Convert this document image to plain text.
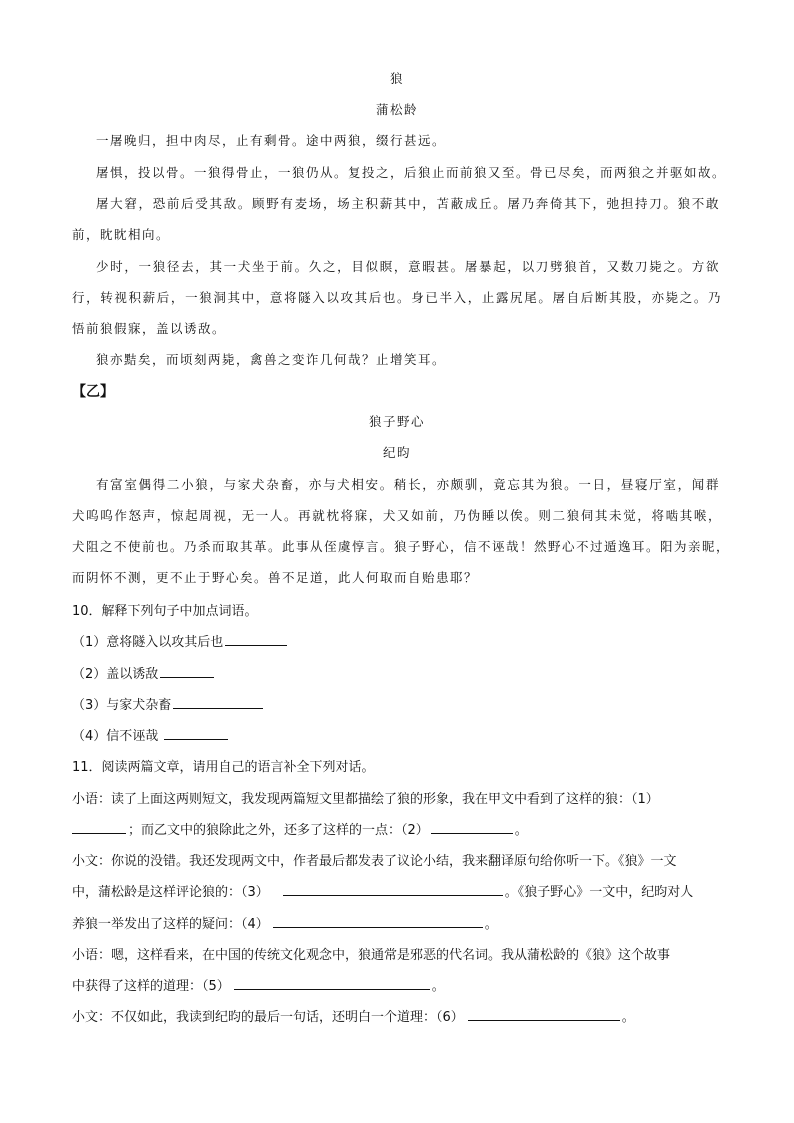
狼
蒲松龄
一屠晚归，担中肉尽，止有剩骨。途中两狼，缀行甚远。
屠惧，投以骨。一狼得骨止，一狼仍从。复投之，后狼止而前狼又至。骨已尽矣，而两狼之并驱如故。
屠大窘，恐前后受其敌。顾野有麦场，场主积薪其中，苫蔽成丘。屠乃奔倚其下，弛担持刀。狼不敢
前，眈眈相向。
少时，一狼径去，其一犬坐于前。久之，目似瞑，意暇甚。屠暴起，以刀劈狼首，又数刀毙之。方欲
行，转视积薪后，一狼洞其中，意将隧入以攻其后也。身已半入，止露尻尾。屠自后断其股，亦毙之。乃
悟前狼假寐，盖以诱敌。
狼亦黠矣，而顷刻两毙，禽兽之变诈几何哉？止增笑耳。
【乙】
狼子野心
纪昀
有富室偶得二小狼，与家犬杂畜，亦与犬相安。稍长，亦颇驯，竟忘其为狼。一日，昼寝厅室，闻群
犬呜呜作怒声，惊起周视，无一人。再就枕将寐，犬又如前，乃伪睡以俟。则二狼伺其未觉，将啮其喉，
犬阻之不使前也。乃杀而取其革。此事从侄虞惇言。狼子野心，信不诬哉！然野心不过遁逸耳。阳为亲昵，
而阴怀不测，更不止于野心矣。兽不足道，此人何取而自贻患耶？
10．解释下列句子中加点词语。
（1）意将隧入以攻其后也
（2）盖以诱敌
（3）与家犬杂畜
（4）信不诬哉
11．阅读两篇文章，请用自己的语言补全下列对话。
小语：读了上面这两则短文，我发现两篇短文里都描绘了狼的形象，我在甲文中看到了这样的狼：（1）
；而乙文中的狼除此之外，还多了这样的一点：（2）	。
小文：你说的没错。我还发现两文中，作者最后都发表了议论小结，我来翻译原句给你听一下。《狼》一文
中，蒲松龄是这样评论狼的：（3）	。《狼子野心》一文中，纪昀对人
养狼一举发出了这样的疑问：（4）	。
小语：嗯，这样看来，在中国的传统文化观念中，狼通常是邪恶的代名词。我从蒲松龄的《狼》这个故事
中获得了这样的道理：（5）	。
小文：不仅如此，我读到纪昀的最后一句话，还明白一个道理：（6）	。
